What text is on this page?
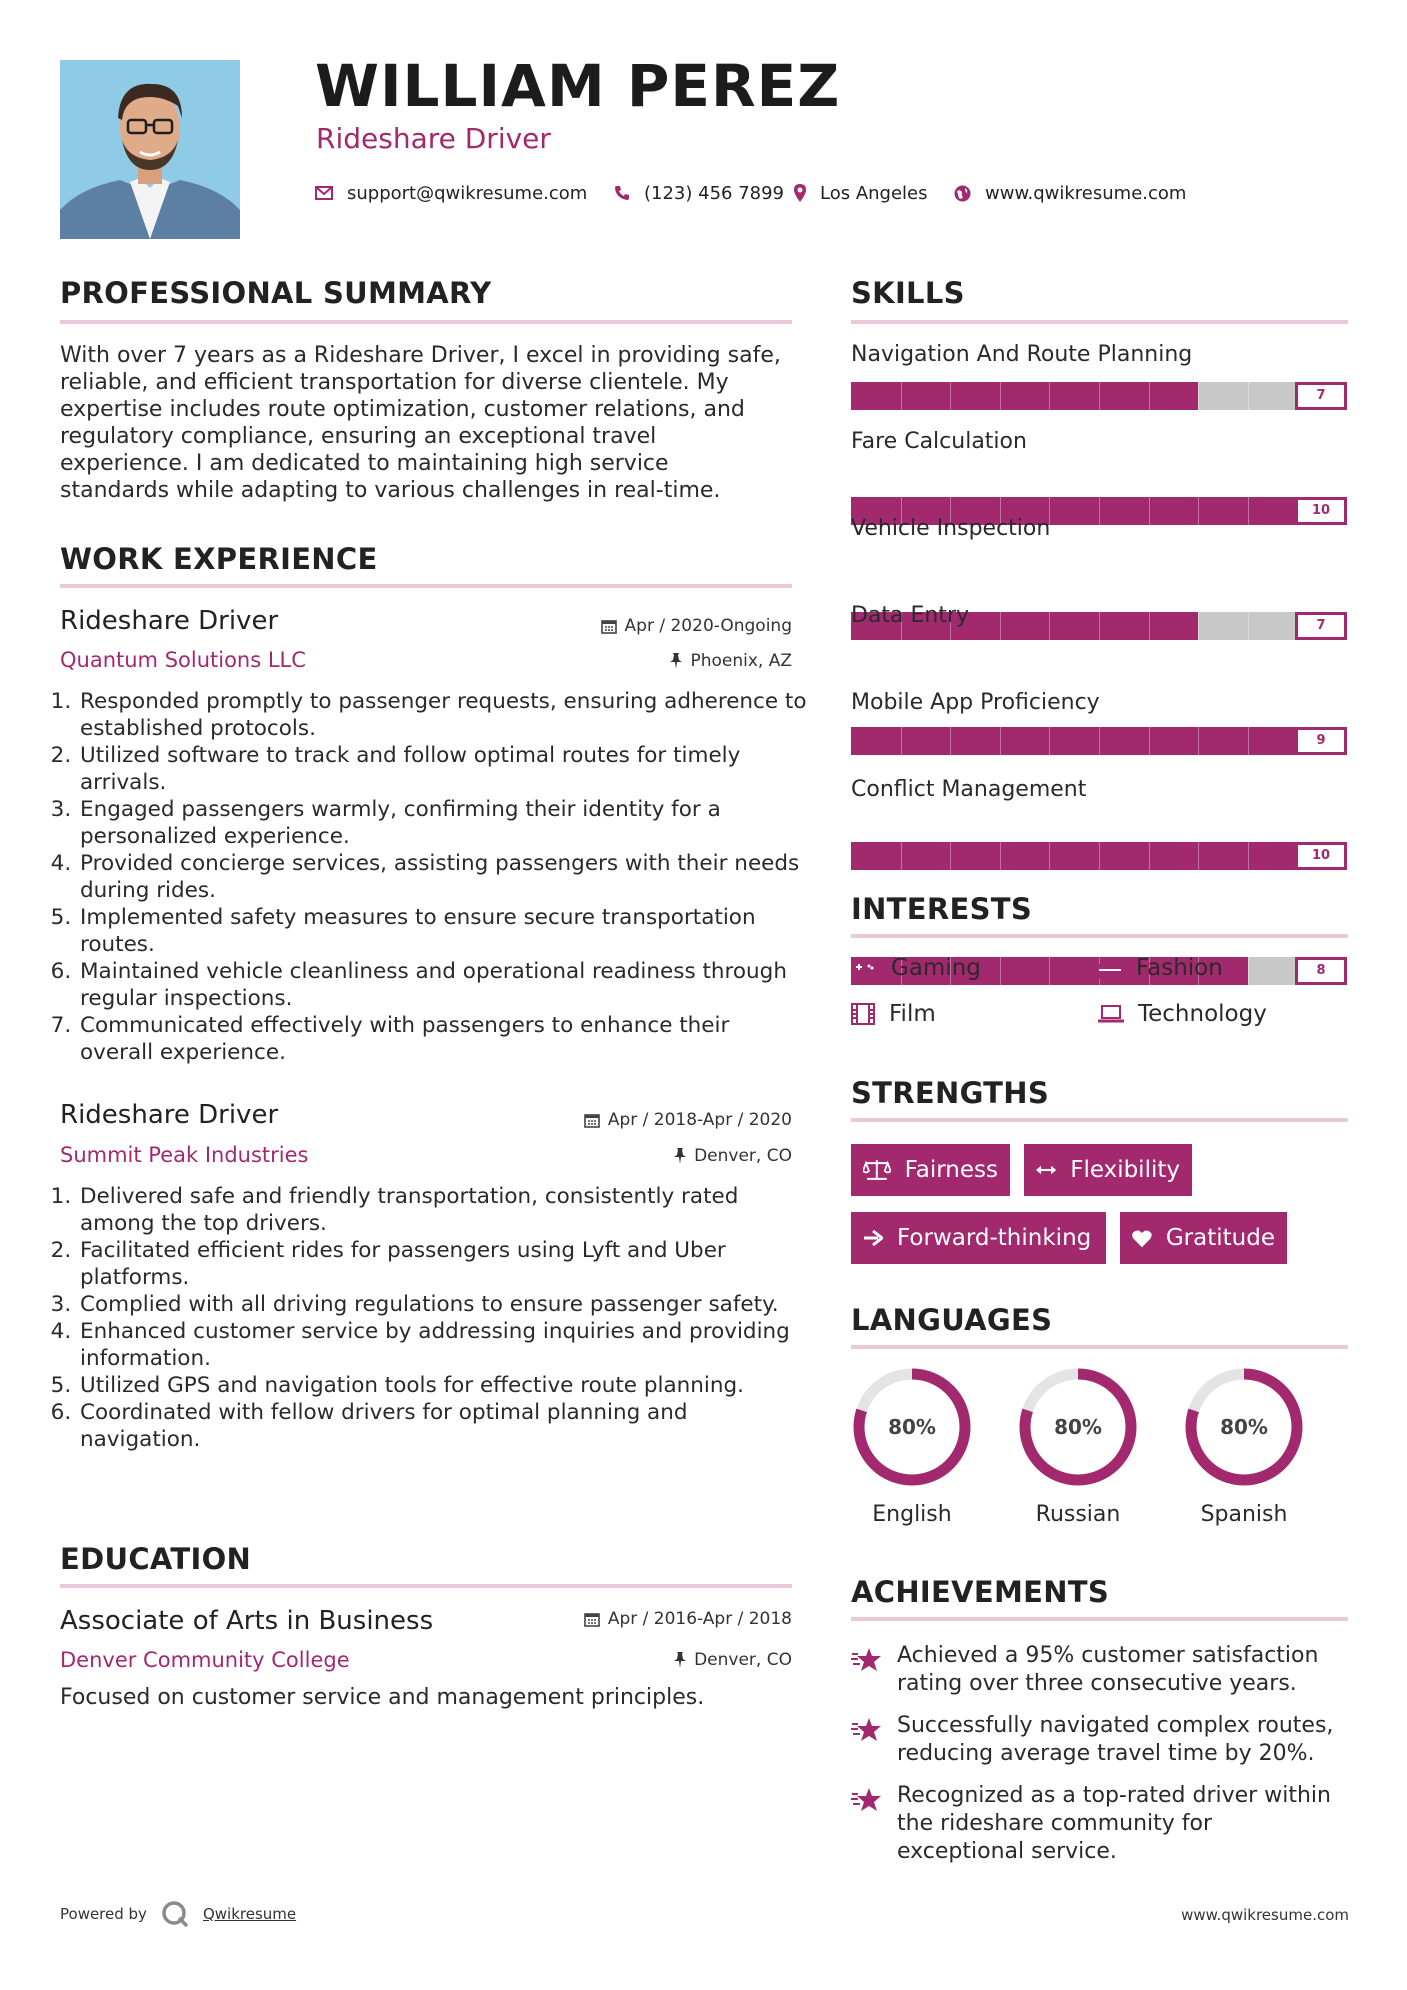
WILLIAM PEREZ
Rideshare Driver
support@qwikresume.com	(123) 456 7899 Los Angeles	www.qwikresume.com
PROFESSIONAL SUMMARY
With over 7 years as a Rideshare Driver, I excel in providing safe,
reliable, and efficient transportation for diverse clientele. My
expertise includes route optimization, customer relations, and
regulatory compliance, ensuring an exceptional travel
experience. I am dedicated to maintaining high service
standards while adapting to various challenges in real-time.
WORK EXPERIENCE
Rideshare Driver	Apr / 2020-Ongoing
Quantum Solutions LLC	Phoenix, AZ
1. Responded promptly to passenger requests, ensuring adherence to established protocols.
2. Utilized software to track and follow optimal routes for timely arrivals.
3. Engaged passengers warmly, confirming their identity for a personalized experience.
4. Provided concierge services, assisting passengers with their needs during rides.
5. Implemented safety measures to ensure secure transportation routes.
6. Maintained vehicle cleanliness and operational readiness through regular inspections.
7. Communicated effectively with passengers to enhance their overall experience.
Rideshare Driver	Apr / 2018-Apr / 2020
Summit Peak Industries	Denver, CO
1. Delivered safe and friendly transportation, consistently rated among the top drivers.
2. Facilitated efficient rides for passengers using Lyft and Uber platforms.
3. Complied with all driving regulations to ensure passenger safety.
4. Enhanced customer service by addressing inquiries and providing information.
5. Utilized GPS and navigation tools for effective route planning.
6. Coordinated with fellow drivers for optimal planning and navigation.
EDUCATION
Associate of Arts in Business	Apr / 2016-Apr / 2018
Denver Community College	Denver, CO
Focused on customer service and management principles.
SKILLS
Navigation And Route Planning
7
Fare Calculation
10
Vehicle Inspection
7
Data Entry
9
Mobile App Proficiency
10
Conflict Management
8
INTERESTS
Gaming	Fashion
Film	Technology
STRENGTHS
Fairness	Flexibility
Forward-thinking	Gratitude
LANGUAGES
80%
English
80%
Russian
80%
Spanish
ACHIEVEMENTS
Achieved a 95% customer satisfaction
rating over three consecutive years.
Successfully navigated complex routes,
reducing average travel time by 20%.
Recognized as a top-rated driver within
the rideshare community for
exceptional service.
Powered by	Qwikresume	www.qwikresume.com
